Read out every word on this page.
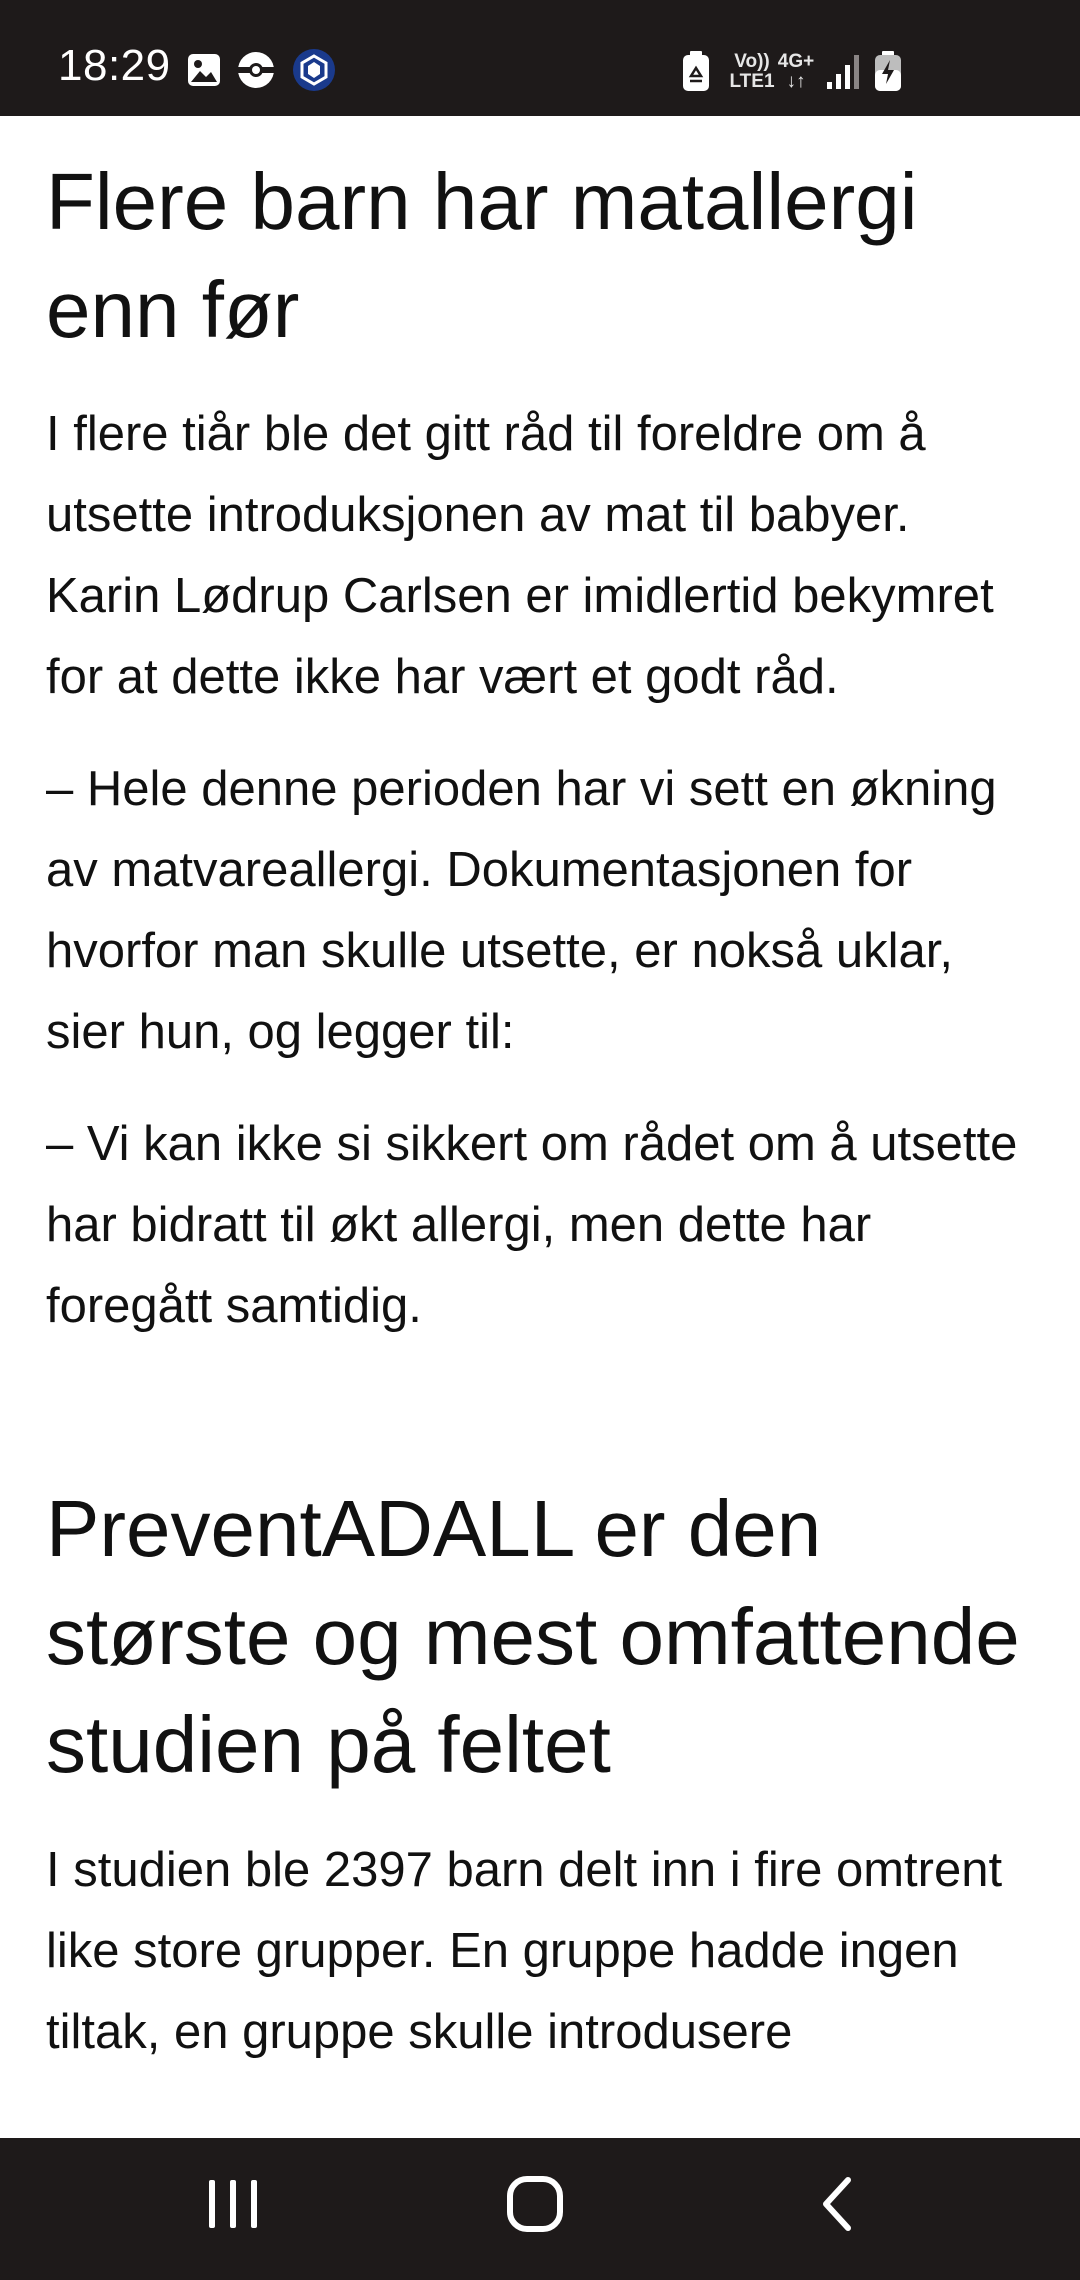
18:29	Vo))
LTE1
4G+
↓↑
Flere barn har matallergi enn før

I flere tiår ble det gitt råd til foreldre om å utsette introduksjonen av mat til babyer. Karin Lødrup Carlsen er imidlertid bekymret for at dette ikke har vært et godt råd.

– Hele denne perioden har vi sett en økning av matvareallergi. Dokumentasjonen for hvorfor man skulle utsette, er nokså uklar, sier hun, og legger til:

– Vi kan ikke si sikkert om rådet om å utsette har bidratt til økt allergi, men dette har foregått samtidig.

PreventADALL er den største og mest omfattende studien på feltet

I studien ble 2397 barn delt inn i fire omtrent like store grupper. En gruppe hadde ingen tiltak, en gruppe skulle introdusere
